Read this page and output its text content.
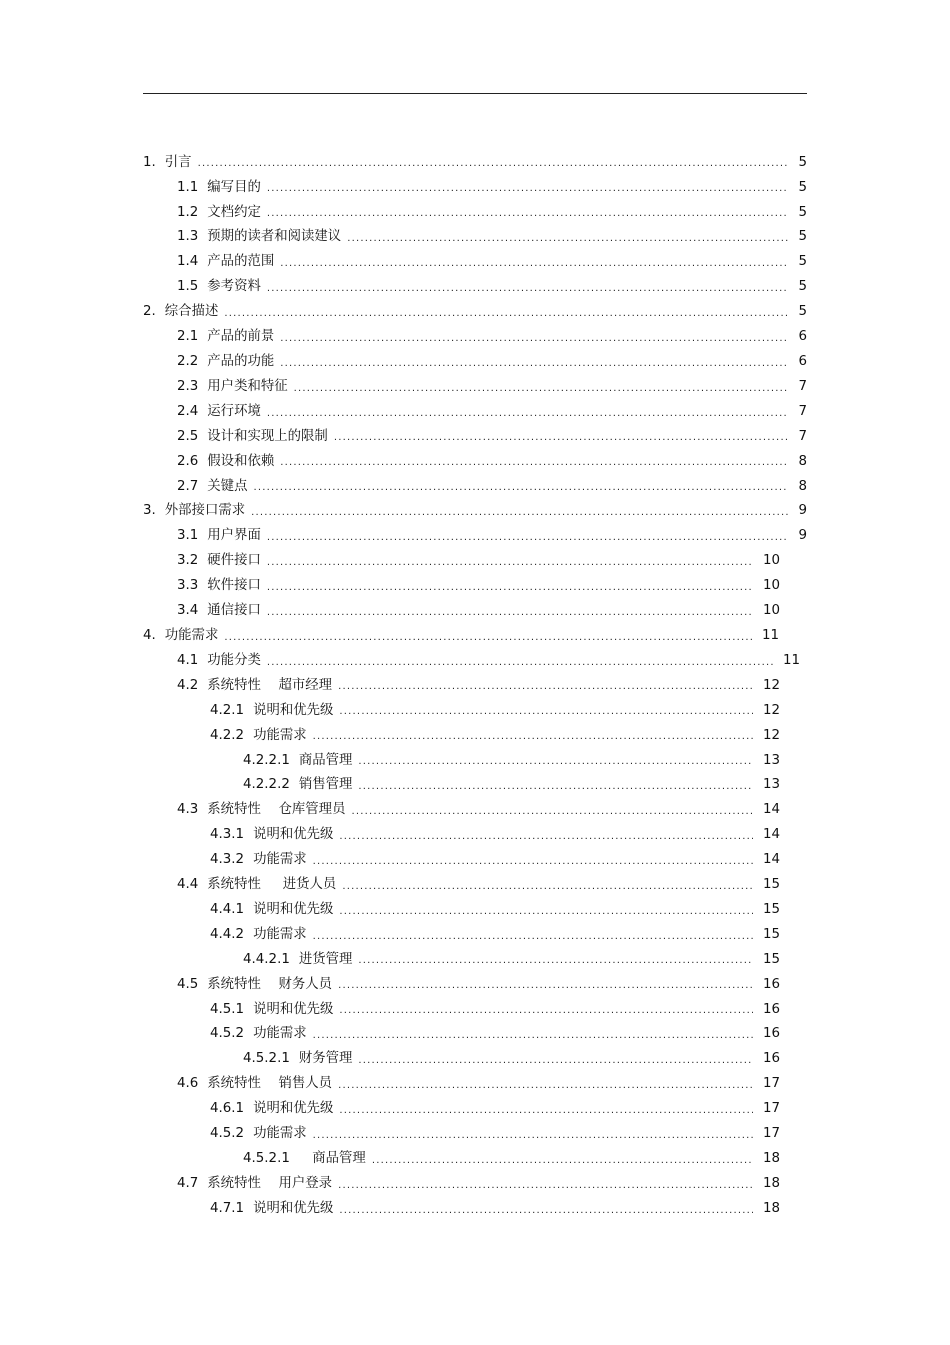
1. 引言 .....	5
1.1 编写目的 .....	5
1.2 文档约定 .....	5
1.3 预期的读者和阅读建议 .....	5
1.4 产品的范围 .....	5
1.5 参考资料 .....	5
2. 综合描述 .....	5
2.1 产品的前景 .....	6
2.2 产品的功能 .....	6
2.3 用户类和特征 .....	7
2.4 运行环境 .....	7
2.5 设计和实现上的限制 .....	7
2.6 假设和依赖 .....	8
2.7 关键点 .....	8
3. 外部接口需求 .....	9
3.1 用户界面 .....	9
3.2 硬件接口 .....	10
3.3 软件接口 .....	10
3.4 通信接口 .....	10
4. 功能需求 .....	11
4.1 功能分类 .....	11
4.2 系统特性 　超市经理 .....	12
4.2.1 说明和优先级 .....	12
4.2.2 功能需求 .....	12
4.2.2.1 商品管理 .....	13
4.2.2.2 销售管理 .....	13
4.3 系统特性 　仓库管理员 .....	14
4.3.1 说明和优先级 .....	14
4.3.2 功能需求 .....	14
4.4 系统特性 　 进货人员 .....	15
4.4.1 说明和优先级 .....	15
4.4.2 功能需求 .....	15
4.4.2.1 进货管理 .....	15
4.5 系统特性 　财务人员 .....	16
4.5.1 说明和优先级 .....	16
4.5.2 功能需求 .....	16
4.5.2.1 财务管理 .....	16
4.6 系统特性 　销售人员 .....	17
4.6.1 说明和优先级 .....	17
4.5.2 功能需求 .....	17
4.5.2.1 　商品管理 .....	18
4.7 系统特性 　用户登录 .....	18
4.7.1 说明和优先级 .....	18
